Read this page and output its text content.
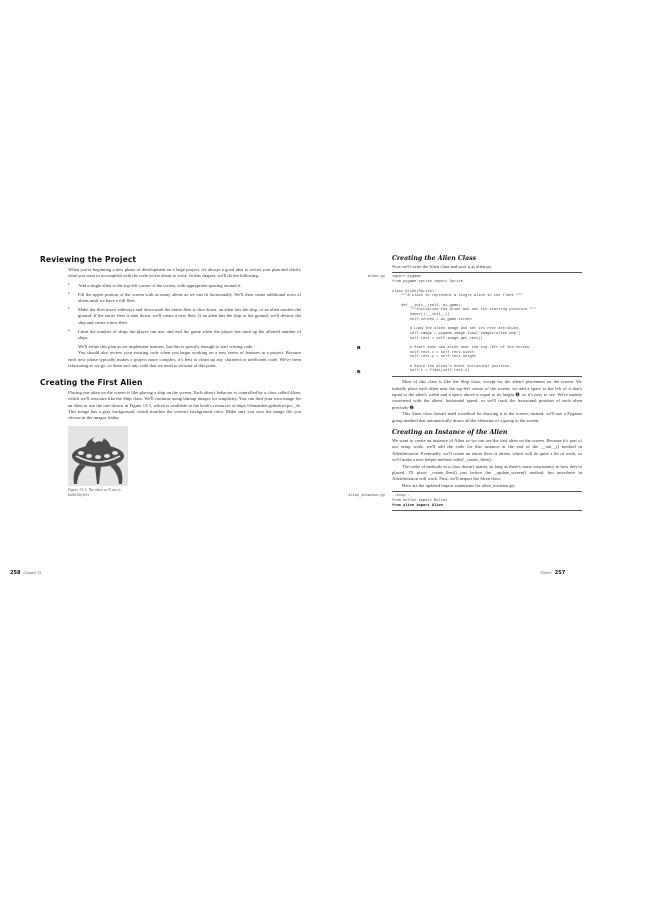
Reviewing the Project

When you're beginning a new phase of development on a large project, it's always a good idea to revisit your plan and clarify what you want to accomplish with the code you're about to write. In this chapter, we'll do the following:

• Add a single alien to the top-left corner of the screen, with appropriate spacing around it.
• Fill the upper portion of the screen with as many aliens as we can fit horizontally. We'll then create additional rows of aliens until we have a full fleet.
• Make the fleet move sideways and down until the entire fleet is shot down, an alien hits the ship, or an alien reaches the ground. If the entire fleet is shot down, we'll create a new fleet. If an alien hits the ship or the ground, we'll destroy the ship and create a new fleet.
• Limit the number of ships the player can use, and end the game when the player has used up the allotted number of ships.

We'll refine this plan as we implement features, but this is specific enough to start writing code.

You should also review your existing code when you begin working on a new series of features in a project. Because each new phase typically makes a project more complex, it's best to clean up any cluttered or inefficient code. We've been refactoring as we go, so there isn't any code that we need to refactor at this point.

Creating the First Alien

Placing one alien on the screen is like placing a ship on the screen. Each alien's behavior is controlled by a class called Alien, which we'll structure like the Ship class. We'll continue using bitmap images for simplicity. You can find your own image for an alien or use the one shown in Figure 13-1, which is available in the book's resources at https://ehmatthes.github.io/pcc_3e. This image has a gray background, which matches the screen's background color. Make sure you save the image file you choose in the images folder.

Figure 13-1: The alien we'll use to build the fleet
258 Chapter 13
Creating the Alien Class
Now we'll write the Alien class and save it as alien.py:
alien.py import pygame
from pygame.sprite import Sprite

class Alien(Sprite):
"""A class to represent a single alien in the fleet."""

def __init__(self, ai_game):
"""Initialize the alien and set its starting position."""
super().__init__()
self.screen = ai_game.screen

# Load the alien image and set its rect attribute.
self.image = pygame.image.load('images/alien.bmp')
self.rect = self.image.get_rect()

# Start each new alien near the top left of the screen.
self.rect.x = self.rect.width
self.rect.y = self.rect.height

# Store the alien's exact horizontal position.
self.x = float(self.rect.x)
➊
➋

Most of this class is like the Ship class, except for the alien's placement on the screen. We initially place each alien near the top-left corner of the screen; we add a space to the left of it that's equal to the alien's width and a space above it equal to its height ➊, so it's easy to see. We're mainly concerned with the aliens' horizontal speed, so we'll track the horizontal position of each alien precisely ➋.

This Alien class doesn't need a method for drawing it to the screen; instead, we'll use a Pygame group method that automatically draws all the elements of a group to the screen.

Creating an Instance of the Alien

We want to create an instance of Alien so we can see the first alien on the screen. Because it's part of our setup work, we'll add the code for this instance at the end of the __init__() method in AlienInvasion. Eventually, we'll create an entire fleet of aliens, which will be quite a bit of work, so we'll make a new helper method called _create_fleet().

The order of methods in a class doesn't matter, as long as there's some consistency to how they're placed. I'll place _create_fleet() just before the _update_screen() method, but anywhere in AlienInvasion will work. First, we'll import the Alien class.

Here are the updated import statements for alien_invasion.py:

alien_invasion.py --snip--
from bullet import Bullet
from alien import Alien
Aliens! 257
